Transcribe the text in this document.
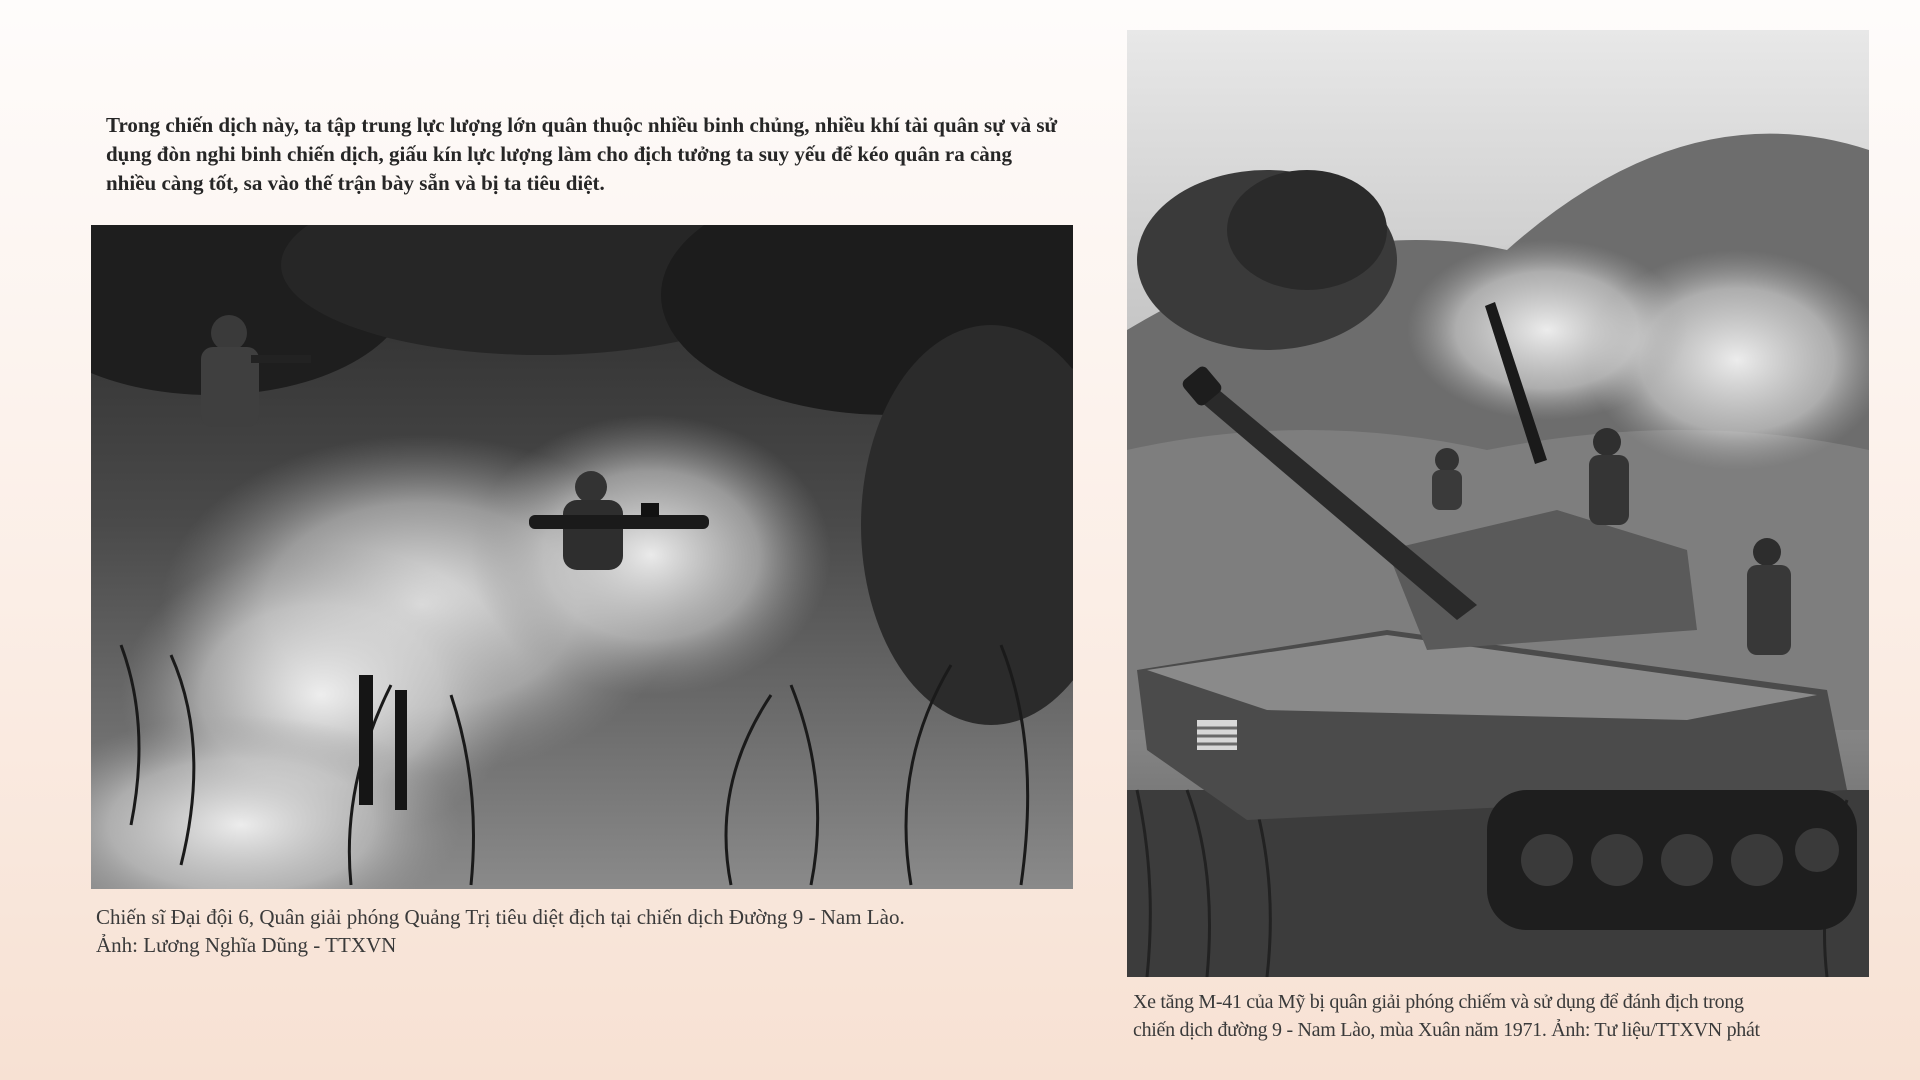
Trong chiến dịch này, ta tập trung lực lượng lớn quân thuộc nhiều binh chủng, nhiều khí tài quân sự và sử dụng đòn nghi binh chiến dịch, giấu kín lực lượng làm cho địch tưởng ta suy yếu để kéo quân ra càng nhiều càng tốt, sa vào thế trận bày sẵn và bị ta tiêu diệt.

Chiến sĩ Đại đội 6, Quân giải phóng Quảng Trị tiêu diệt địch tại chiến dịch Đường 9 - Nam Lào.
Ảnh: Lương Nghĩa Dũng - TTXVN

Xe tăng M-41 của Mỹ bị quân giải phóng chiếm và sử dụng để đánh địch trong
chiến dịch đường 9 - Nam Lào, mùa Xuân năm 1971. Ảnh: Tư liệu/TTXVN phát
